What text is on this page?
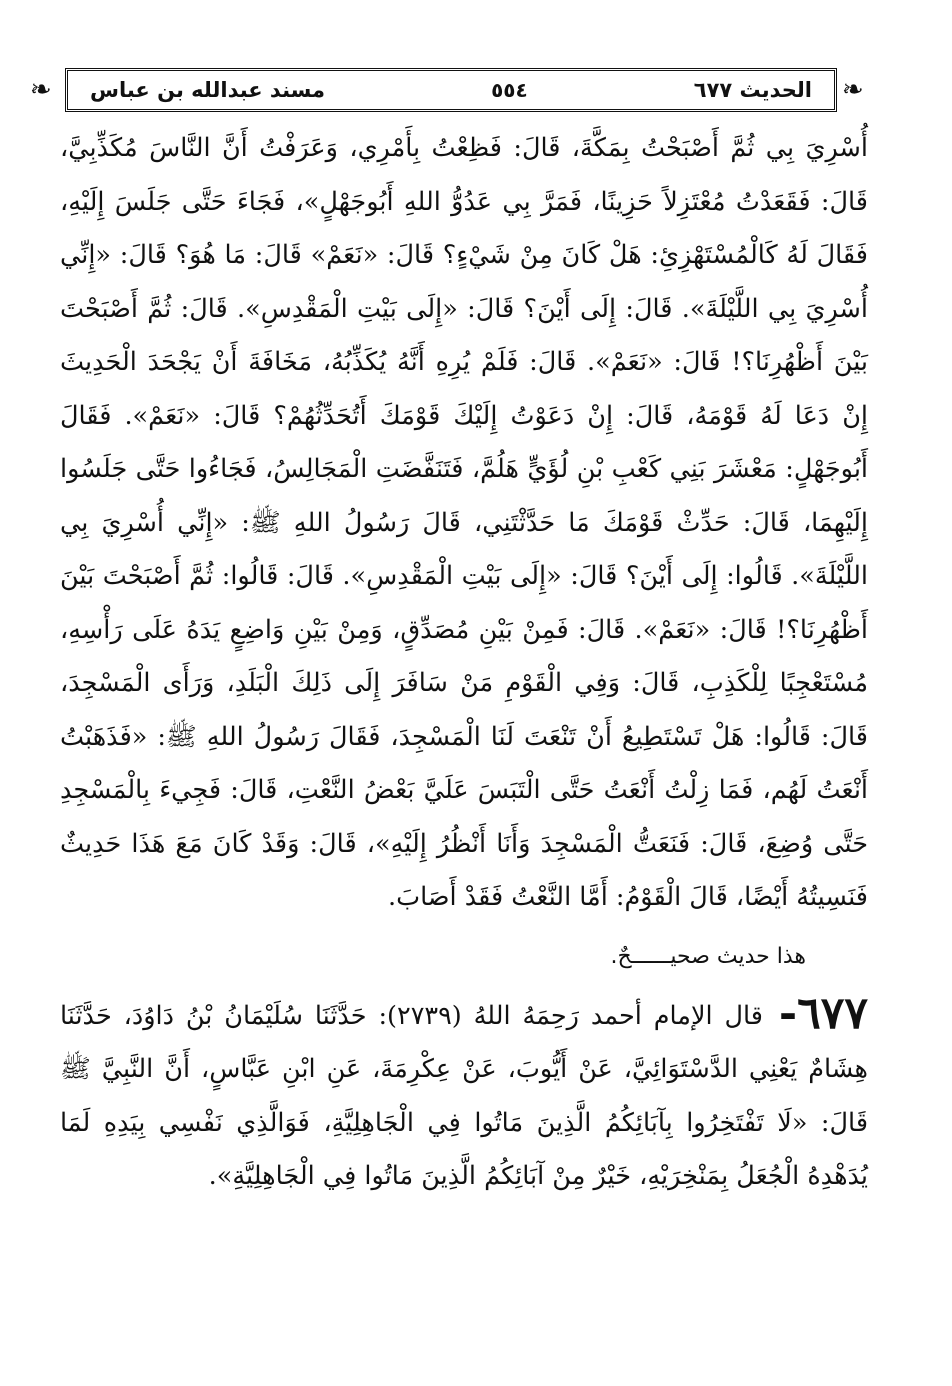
❧
❧	الحديث ٦٧٧
٥٥٤
مسند عبدالله بن عباس

أُسْرِيَ بِي ثُمَّ أَصْبَحْتُ بِمَكَّةَ، قَالَ: فَظِعْتُ بِأَمْرِي، وَعَرَفْتُ أَنَّ النَّاسَ مُكَذِّبِيَّ، قَالَ: فَقَعَدْتُ مُعْتَزِلاً حَزِينًا، فَمَرَّ بِي عَدُوُّ اللهِ أَبُوجَهْلٍ»، فَجَاءَ حَتَّى جَلَسَ إِلَيْهِ، فَقَالَ لَهُ كَالْمُسْتَهْزِئِ: هَلْ كَانَ مِنْ شَيْءٍ؟ قَالَ: «نَعَمْ» قَالَ: مَا هُوَ؟ قَالَ: «إِنِّي أُسْرِيَ بِي اللَّيْلَةَ». قَالَ: إِلَى أَيْنَ؟ قَالَ: «إِلَى بَيْتِ الْمَقْدِسِ». قَالَ: ثُمَّ أَصْبَحْتَ بَيْنَ أَظْهُرِنَا؟! قَالَ: «نَعَمْ». قَالَ: فَلَمْ يُرِهِ أَنَّهُ يُكَذِّبُهُ، مَخَافَةَ أَنْ يَجْحَدَ الْحَدِيثَ إِنْ دَعَا لَهُ قَوْمَهُ، قَالَ: إِنْ دَعَوْتُ إِلَيْكَ قَوْمَكَ أَتُحَدِّثُهُمْ؟ قَالَ: «نَعَمْ». فَقَالَ أَبُوجَهْلٍ: مَعْشَرَ بَنِي كَعْبِ بْنِ لُؤَيٍّ هَلُمَّ، فَتَنَفَّضَتِ الْمَجَالِسُ، فَجَاءُوا حَتَّى جَلَسُوا إِلَيْهِمَا، قَالَ: حَدِّثْ قَوْمَكَ مَا حَدَّثْتَنِي، قَالَ رَسُولُ اللهِ ﷺ: «إِنِّي أُسْرِيَ بِي اللَّيْلَةَ». قَالُوا: إِلَى أَيْنَ؟ قَالَ: «إِلَى بَيْتِ الْمَقْدِسِ». قَالَ: قَالُوا: ثُمَّ أَصْبَحْتَ بَيْنَ أَظْهُرِنَا؟! قَالَ: «نَعَمْ». قَالَ: فَمِنْ بَيْنِ مُصَدِّقٍ، وَمِنْ بَيْنِ وَاضِعٍ يَدَهُ عَلَى رَأْسِهِ، مُسْتَعْجِبًا لِلْكَذِبِ، قَالَ: وَفِي الْقَوْمِ مَنْ سَافَرَ إِلَى ذَلِكَ الْبَلَدِ، وَرَأَى الْمَسْجِدَ، قَالَ: قَالُوا: هَلْ تَسْتَطِيعُ أَنْ تَنْعَتَ لَنَا الْمَسْجِدَ، فَقَالَ رَسُولُ اللهِ ﷺ: «فَذَهَبْتُ أَنْعَتُ لَهُم، فَمَا زِلْتُ أَنْعَتُ حَتَّى الْتَبَسَ عَلَيَّ بَعْضُ النَّعْتِ، قَالَ: فَجِيءَ بِالْمَسْجِدِ حَتَّى وُضِعَ، قَالَ: فَنَعَتُّ الْمَسْجِدَ وَأَنَا أَنْظُرُ إِلَيْهِ»، قَالَ: وَقَدْ كَانَ مَعَ هَذَا حَدِيثٌ فَنَسِيتُهُ أَيْضًا، قَالَ الْقَوْمُ: أَمَّا النَّعْتُ فَقَدْ أَصَابَ.

هذا حديث صحيــــــحٌ.

٦٧٧- قال الإمام أحمد رَحِمَهُ اللهُ (٢٧٣٩): حَدَّثَنَا سُلَيْمَانُ بْنُ دَاوُدَ، حَدَّثَنَا هِشَامٌ يَعْنِي الدَّسْتَوَائِيَّ، عَنْ أَيُّوبَ، عَنْ عِكْرِمَةَ، عَنِ ابْنِ عَبَّاسٍ، أَنَّ النَّبِيَّ ﷺ قَالَ: «لَا تَفْتَخِرُوا بِآبَائِكُمُ الَّذِينَ مَاتُوا فِي الْجَاهِلِيَّةِ، فَوَالَّذِي نَفْسِي بِيَدِهِ لَمَا يُدَهْدِهُ الْجُعَلُ بِمَنْخِرَيْهِ، خَيْرٌ مِنْ آبَائِكُمُ الَّذِينَ مَاتُوا فِي الْجَاهِلِيَّةِ».
